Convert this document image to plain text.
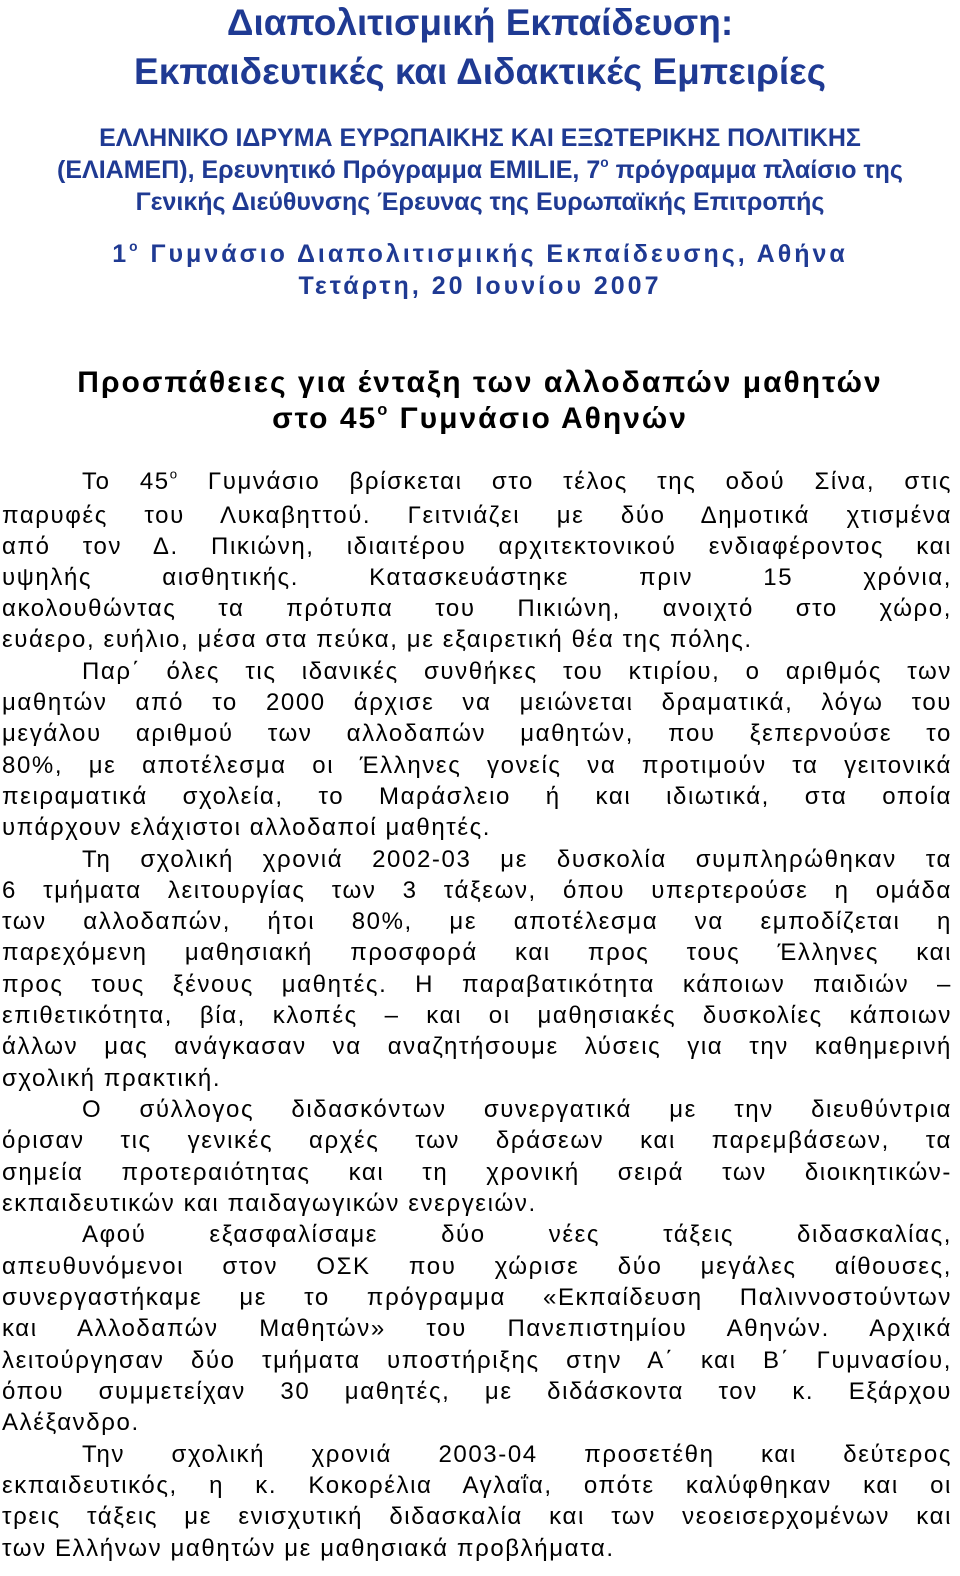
Διαπολιτισμική Εκπαίδευση:
Εκπαιδευτικές και Διδακτικές Εμπειρίες
ΕΛΛΗΝΙΚΟ ΙΔΡΥΜΑ ΕΥΡΩΠΑΙΚΗΣ ΚΑΙ ΕΞΩΤΕΡΙΚΗΣ ΠΟΛΙΤΙΚΗΣ
(ΕΛΙΑΜΕΠ), Ερευνητικό Πρόγραμμα EMILIE, $7^o$ πρόγραμμα πλαίσιο της
Γενικής Διεύθυνσης Έρευνας της Ευρωπαϊκής Επιτροπής
$1^o$ Γυμνάσιο Διαπολιτισμικής Εκπαίδευσης, Αθήνα
Τετάρτη, 20 Ιουνίου 2007
Προσπάθειες για ένταξη των αλλοδαπών μαθητών
στο $45^o$ Γυμνάσιο Αθηνών
Το $45^o$ Γυμνάσιο βρίσκεται στο τέλος της οδού Σίνα, στις
παρυφές του Λυκαβηττού. Γειτνιάζει με δύο Δημοτικά χτισμένα
από τον Δ. Πικιώνη, ιδιαιτέρου αρχιτεκτονικού ενδιαφέροντος και
υψηλής αισθητικής. Κατασκευάστηκε πριν 15 χρόνια,
ακολουθώντας τα πρότυπα του Πικιώνη, ανοιχτό στο χώρο,
ευάερο, ευήλιο, μέσα στα πεύκα, με εξαιρετική θέα της πόλης.
Παρ΄ όλες τις ιδανικές συνθήκες του κτιρίου, ο αριθμός των
μαθητών από το 2000 άρχισε να μειώνεται δραματικά, λόγω του
μεγάλου αριθμού των αλλοδαπών μαθητών, που ξεπερνούσε το
80%, με αποτέλεσμα οι Έλληνες γονείς να προτιμούν τα γειτονικά
πειραματικά σχολεία, το Μαράσλειο ή και ιδιωτικά, στα οποία
υπάρχουν ελάχιστοι αλλοδαποί μαθητές.
Τη σχολική χρονιά 2002-03 με δυσκολία συμπληρώθηκαν τα
6 τμήματα λειτουργίας των 3 τάξεων, όπου υπερτερούσε η ομάδα
των αλλοδαπών, ήτοι 80%, με αποτέλεσμα να εμποδίζεται η
παρεχόμενη μαθησιακή προσφορά και προς τους Έλληνες και
προς τους ξένους μαθητές. Η παραβατικότητα κάποιων παιδιών –
επιθετικότητα, βία, κλοπές – και οι μαθησιακές δυσκολίες κάποιων
άλλων μας ανάγκασαν να αναζητήσουμε λύσεις για την καθημερινή
σχολική πρακτική.
Ο σύλλογος διδασκόντων συνεργατικά με την διευθύντρια
όρισαν τις γενικές αρχές των δράσεων και παρεμβάσεων, τα
σημεία προτεραιότητας και τη χρονική σειρά των διοικητικών-
εκπαιδευτικών και παιδαγωγικών ενεργειών.
Αφού εξασφαλίσαμε δύο νέες τάξεις διδασκαλίας,
απευθυνόμενοι στον ΟΣΚ που χώρισε δύο μεγάλες αίθουσες,
συνεργαστήκαμε με το πρόγραμμα «Εκπαίδευση Παλιννοστούντων
και Αλλοδαπών Μαθητών» του Πανεπιστημίου Αθηνών. Αρχικά
λειτούργησαν δύο τμήματα υποστήριξης στην Α΄ και Β΄ Γυμνασίου,
όπου συμμετείχαν 30 μαθητές, με διδάσκοντα τον κ. Εξάρχου
Αλέξανδρο.
Την σχολική χρονιά 2003-04 προσετέθη και δεύτερος
εκπαιδευτικός, η κ. Κοκορέλια Αγλαΐα, οπότε καλύφθηκαν και οι
τρεις τάξεις με ενισχυτική διδασκαλία και των νεοεισερχομένων και
των Ελλήνων μαθητών με μαθησιακά προβλήματα.
